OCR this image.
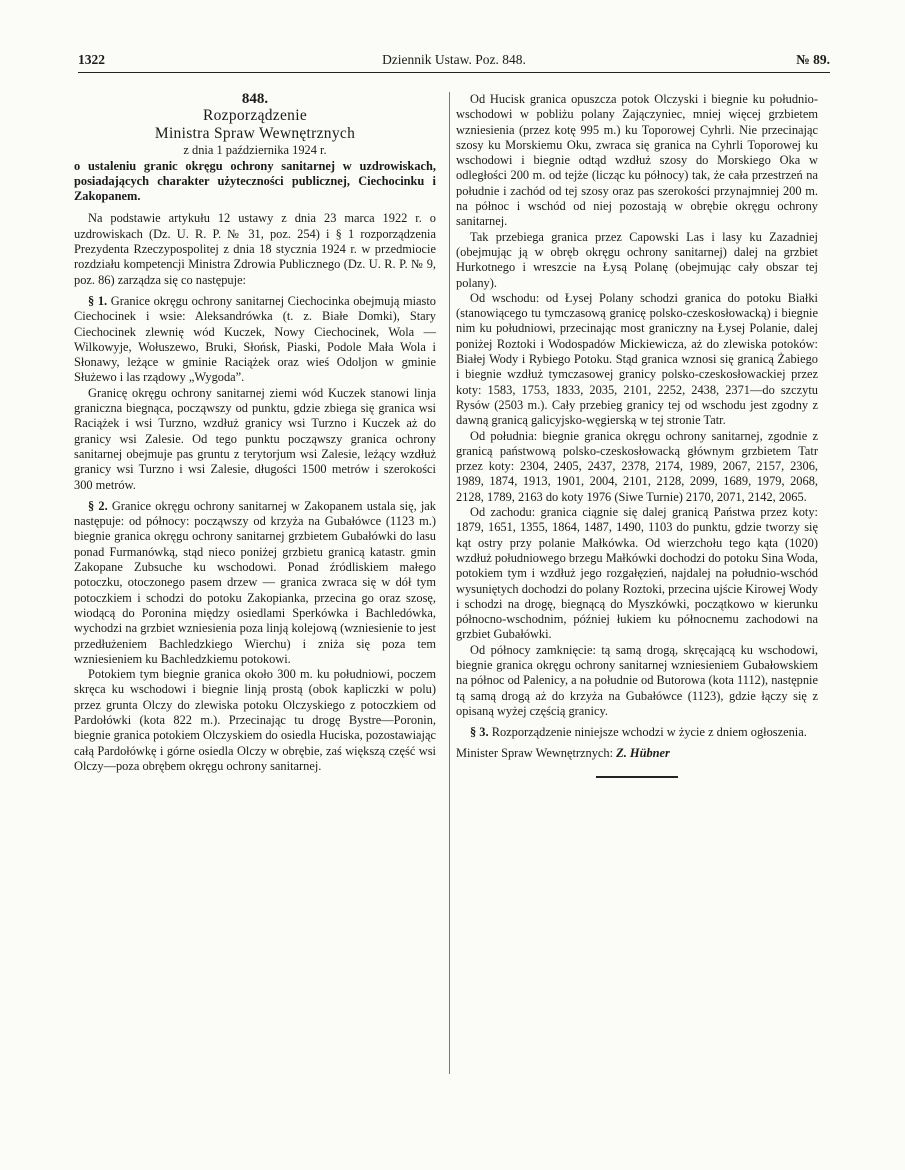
1322	Dziennik Ustaw. Poz. 848.	№ 89.

848.

Rozporządzenie
Ministra Spraw Wewnętrznych

z dnia 1 października 1924 r.

o ustaleniu granic okręgu ochrony sanitarnej w uzdrowiskach, posiadających charakter użyteczności publicznej, Ciechocinku i Zakopanem.

Na podstawie artykułu 12 ustawy z dnia 23 marca 1922 r. o uzdrowiskach (Dz. U. R. P. № 31, poz. 254) i § 1 rozporządzenia Prezydenta Rzeczypospolitej z dnia 18 stycznia 1924 r. w przedmiocie rozdziału kompetencji Ministra Zdrowia Publicznego (Dz. U. R. P. № 9, poz. 86) zarządza się co następuje:

§ 1. Granice okręgu ochrony sanitarnej Ciechocinka obejmują miasto Ciechocinek i wsie: Aleksandrówka (t. z. Białe Domki), Stary Ciechocinek zlewnię wód Kuczek, Nowy Ciechocinek, Wola — Wilkowyje, Wołuszewo, Bruki, Słońsk, Piaski, Podole Mała Wola i Słonawy, leżące w gminie Raciążek oraz wieś Odoljon w gminie Służewo i las rządowy „Wygoda”.

Granicę okręgu ochrony sanitarnej ziemi wód Kuczek stanowi linja graniczna biegnąca, począwszy od punktu, gdzie zbiega się granica wsi Raciążek i wsi Turzno, wzdłuż granicy wsi Turzno i Kuczek aż do granicy wsi Zalesie. Od tego punktu począwszy granica ochrony sanitarnej obejmuje pas gruntu z terytorjum wsi Zalesie, leżący wzdłuż granicy wsi Turzno i wsi Zalesie, długości 1500 metrów i szerokości 300 metrów.

§ 2. Granice okręgu ochrony sanitarnej w Zakopanem ustala się, jak następuje: od północy: począwszy od krzyża na Gubałówce (1123 m.) biegnie granica okręgu ochrony sanitarnej grzbietem Gubałówki do lasu ponad Furmanówką, stąd nieco poniżej grzbietu granicą katastr. gmin Zakopane Zubsuche ku wschodowi. Ponad źródliskiem małego potoczku, otoczonego pasem drzew — granica zwraca się w dół tym potoczkiem i schodzi do potoku Zakopianka, przecina go oraz szosę, wiodącą do Poronina między osiedlami Sperkówka i Bachledówka, wychodzi na grzbiet wzniesienia poza linją kolejową (wzniesienie to jest przedłużeniem Bachledzkiego Wierchu) i zniża się poza tem wzniesieniem ku Bachledzkiemu potokowi.

Potokiem tym biegnie granica około 300 m. ku południowi, poczem skręca ku wschodowi i biegnie linją prostą (obok kapliczki w polu) przez grunta Olczy do zlewiska potoku Olczyskiego z potoczkiem od Pardołówki (kota 822 m.). Przecinając tu drogę Bystre—Poronin, biegnie granica potokiem Olczyskiem do osiedla Huciska, pozostawiając całą Pardołówkę i górne osiedla Olczy w obrębie, zaś większą część wsi Olczy—poza obrębem okręgu ochrony sanitarnej.

Od Hucisk granica opuszcza potok Olczyski i biegnie ku południo-wschodowi w pobliżu polany Zajączyniec, mniej więcej grzbietem wzniesienia (przez kotę 995 m.) ku Toporowej Cyhrli. Nie przecinając szosy ku Morskiemu Oku, zwraca się granica na Cyhrli Toporowej ku wschodowi i biegnie odtąd wzdłuż szosy do Morskiego Oka w odległości 200 m. od tejże (licząc ku północy) tak, że cała przestrzeń na południe i zachód od tej szosy oraz pas szerokości przynajmniej 200 m. na północ i wschód od niej pozostają w obrębie okręgu ochrony sanitarnej.

Tak przebiega granica przez Capowski Las i lasy ku Zazadniej (obejmując ją w obręb okręgu ochrony sanitarnej) dalej na grzbiet Hurkotnego i wreszcie na Łysą Polanę (obejmując cały obszar tej polany).

Od wschodu: od Łysej Polany schodzi granica do potoku Białki (stanowiącego tu tymczasową granicę polsko-czeskosłowacką) i biegnie nim ku południowi, przecinając most graniczny na Łysej Polanie, dalej poniżej Roztoki i Wodospadów Mickiewicza, aż do zlewiska potoków: Białej Wody i Rybiego Potoku. Stąd granica wznosi się granicą Żabiego i biegnie wzdłuż tymczasowej granicy polsko-czeskosłowackiej przez koty: 1583, 1753, 1833, 2035, 2101, 2252, 2438, 2371—do szczytu Rysów (2503 m.). Cały przebieg granicy tej od wschodu jest zgodny z dawną granicą galicyjsko-węgierską w tej stronie Tatr.

Od południa: biegnie granica okręgu ochrony sanitarnej, zgodnie z granicą państwową polsko-czeskosłowacką głównym grzbietem Tatr przez koty: 2304, 2405, 2437, 2378, 2174, 1989, 2067, 2157, 2306, 1989, 1874, 1913, 1901, 2004, 2101, 2128, 2099, 1689, 1979, 2068, 2128, 1789, 2163 do koty 1976 (Siwe Turnie) 2170, 2071, 2142, 2065.

Od zachodu: granica ciągnie się dalej granicą Państwa przez koty: 1879, 1651, 1355, 1864, 1487, 1490, 1103 do punktu, gdzie tworzy się kąt ostry przy polanie Małkówka. Od wierzchołu tego kąta (1020) wzdłuż południowego brzegu Małkówki dochodzi do potoku Sina Woda, potokiem tym i wzdłuż jego rozgałęzień, najdalej na południo-wschód wysuniętych dochodzi do polany Roztoki, przecina ujście Kirowej Wody i schodzi na drogę, biegnącą do Myszkówki, początkowo w kierunku północno-wschodnim, później łukiem ku północnemu zachodowi na grzbiet Gubałówki.

Od północy zamknięcie: tą samą drogą, skręcającą ku wschodowi, biegnie granica okręgu ochrony sanitarnej wzniesieniem Gubałowskiem na północ od Palenicy, a na południe od Butorowa (kota 1112), następnie tą samą drogą aż do krzyża na Gubałówce (1123), gdzie łączy się z opisaną wyżej częścią granicy.

§ 3. Rozporządzenie niniejsze wchodzi w życie z dniem ogłoszenia.

Minister Spraw Wewnętrznych: Z. Hübner
